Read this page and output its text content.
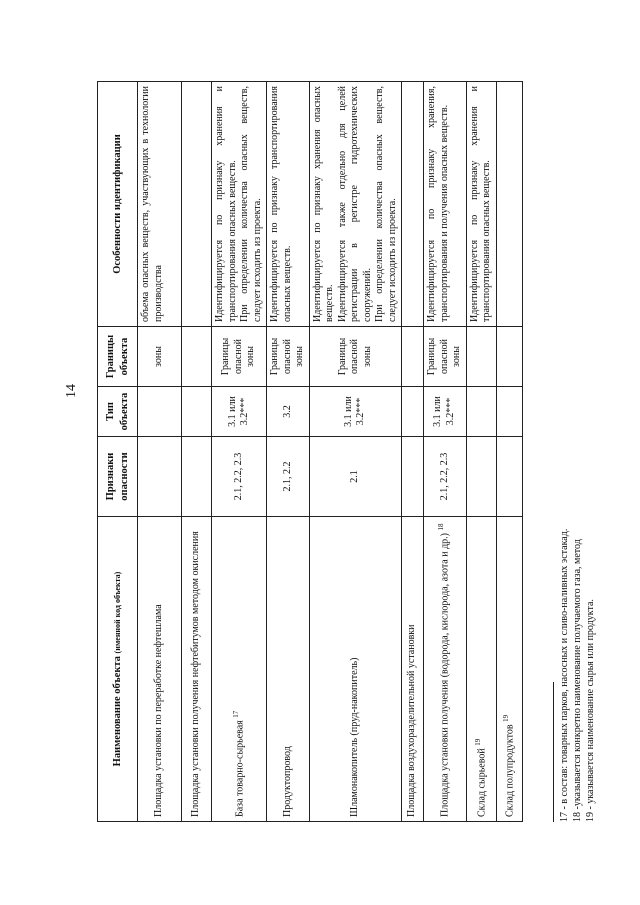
14
Наименование объекта (именной код объекта)	Признаки опасности	Тип объекта	Границы объекта	Особенности идентификации
Площадка установки по переработке нефтешлама			зоны	объема опасных веществ, участвующих в технологии производства

Площадка установки получения нефтебитумов методом окисления				
База товарно-сырьевая $^{17}$	2.1, 2.2, 2.3	3.1 или 3.2***	Границы опасной зоны	Идентифицируется по признаку хранения и транспортирования опасных веществ. При определении количества опасных веществ, следует исходить из проекта.

Продуктопровод	2.1, 2.2	3.2	Границы опасной зоны	Идентифицируется по признаку транспортирования опасных веществ.

Шламонакопитель (пруд-накопитель)	2.1	3.1 или 3.2***	Границы опасной зоны	Идентифицируется по признаку хранения опасных веществ. Идентифицируется также отдельно для целей регистрации в регистре гидротехнических сооружений. При определении количества опасных веществ, следует исходить из проекта.

Площадка воздухоразделительной установки				
Площадка установки получения (водорода, кислорода, азота и др.) $^{18}$	2.1, 2.2, 2.3	3.1 или 3.2***	Границы опасной зоны	Идентифицируется по признаку хранения, транспортирования и получения опасных веществ.

Склад сырьевой $^{19}$				Идентифицируется по признаку хранения и транспортирования опасных веществ.

Склад полупродуктов $^{19}$					17 - в состав: товарных парков, насосных и сливо-наливных эстакад. 18 -указывается конкретно наименование получаемого газа, метод 19 - указывается наименование сырья или продукта.
